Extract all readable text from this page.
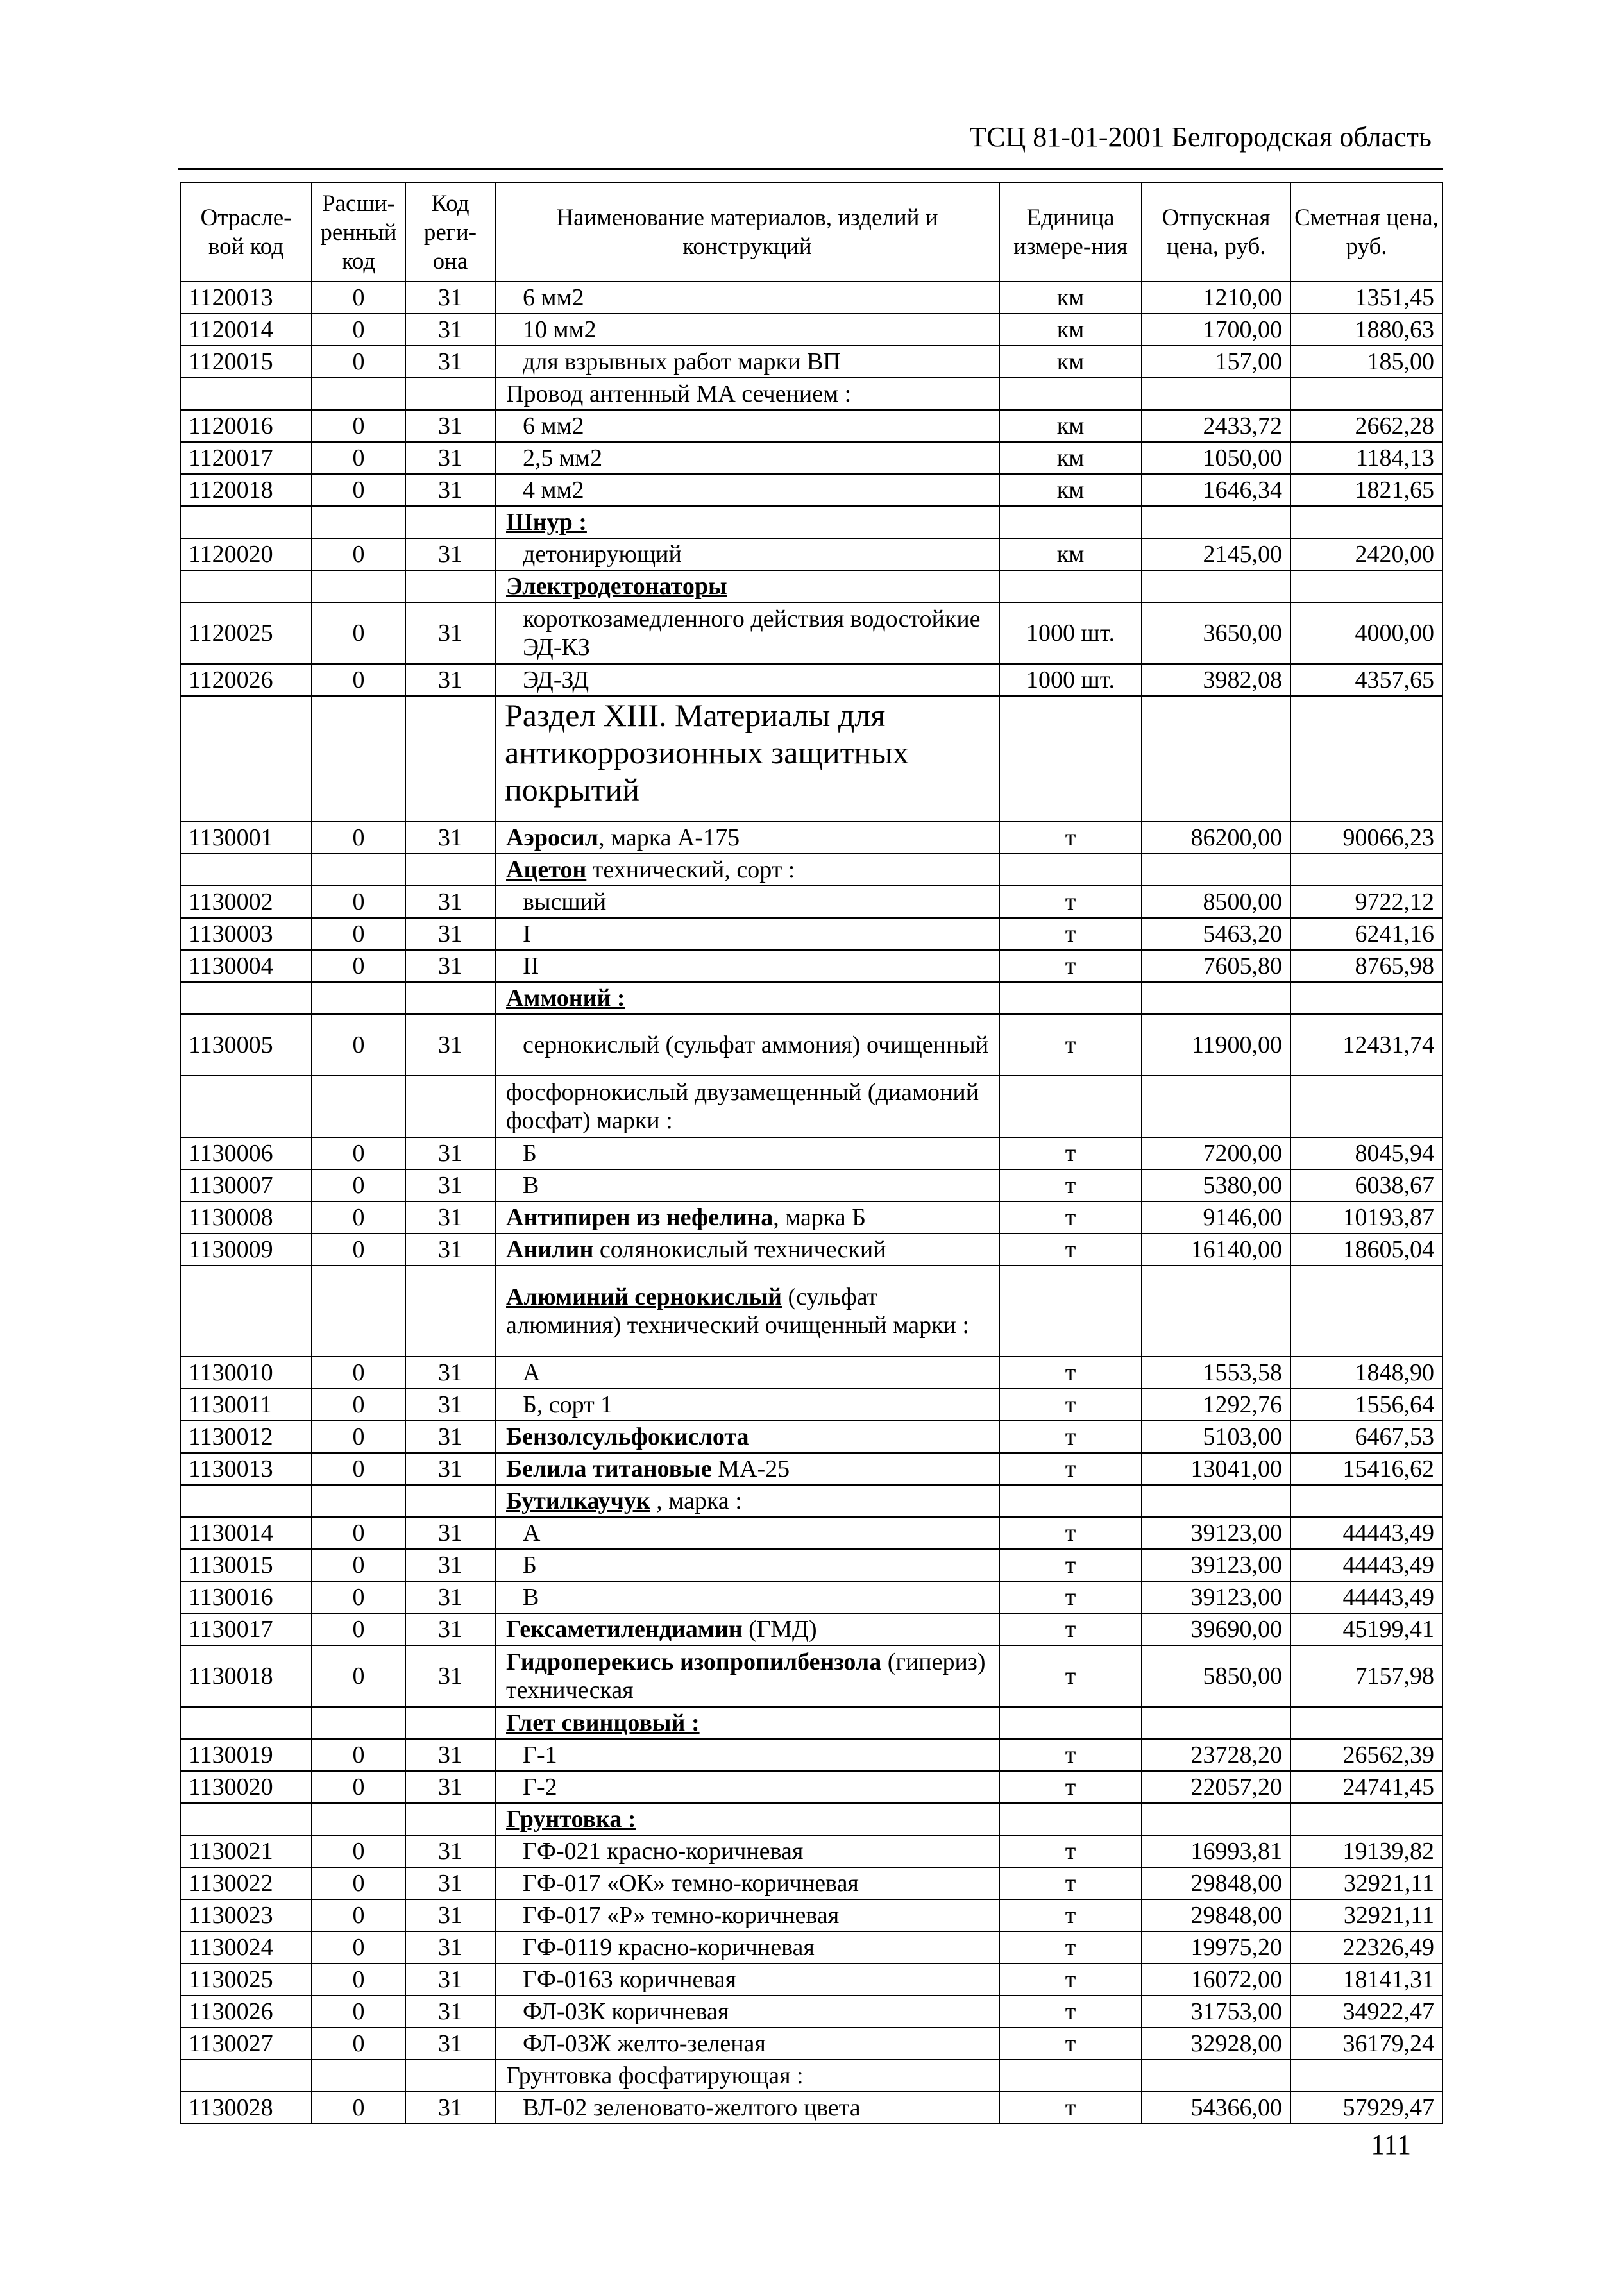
ТСЦ 81-01-2001 Белгородская область
Отрасле-вой код	Расши-ренный код	Код реги-она	Наименование материалов, изделий и конструкций	Единица измере-ния	Отпускная цена, руб.	Сметная цена, руб.
1120013	0	31	6 мм2	км	1210,00	1351,45
1120014	0	31	10 мм2	км	1700,00	1880,63
1120015	0	31	для взрывных работ марки ВП	км	157,00	185,00
			Провод антенный МА сечением :			
1120016	0	31	6 мм2	км	2433,72	2662,28
1120017	0	31	2,5 мм2	км	1050,00	1184,13
1120018	0	31	4 мм2	км	1646,34	1821,65
			Шнур :			
1120020	0	31	детонирующий	км	2145,00	2420,00
			Электродетонаторы			
1120025	0	31	короткозамедленного действия водостойкие ЭД-КЗ	1000 шт.	3650,00	4000,00
1120026	0	31	ЭД-ЗД	1000 шт.	3982,08	4357,65
			Раздел XIII. Материалы для антикоррозионных защитных покрытий			
1130001	0	31	Аэросил, марка А-175	т	86200,00	90066,23
			Ацетон технический, сорт :			
1130002	0	31	высший	т	8500,00	9722,12
1130003	0	31	I	т	5463,20	6241,16
1130004	0	31	II	т	7605,80	8765,98
			Аммоний :			
1130005	0	31	сернокислый (сульфат аммония) очищенный	т	11900,00	12431,74
			фосфорнокислый двузамещенный (диамоний фосфат) марки :			
1130006	0	31	Б	т	7200,00	8045,94
1130007	0	31	В	т	5380,00	6038,67
1130008	0	31	Антипирен из нефелина, марка Б	т	9146,00	10193,87
1130009	0	31	Анилин солянокислый технический	т	16140,00	18605,04
			Алюминий сернокислый (сульфат алюминия) технический очищенный марки :			
1130010	0	31	А	т	1553,58	1848,90
1130011	0	31	Б, сорт 1	т	1292,76	1556,64
1130012	0	31	Бензолсульфокислота	т	5103,00	6467,53
1130013	0	31	Белила титановые МА-25	т	13041,00	15416,62
			Бутилкаучук , марка :			
1130014	0	31	А	т	39123,00	44443,49
1130015	0	31	Б	т	39123,00	44443,49
1130016	0	31	В	т	39123,00	44443,49
1130017	0	31	Гексаметилендиамин (ГМД)	т	39690,00	45199,41
1130018	0	31	Гидроперекись изопропилбензола (гипериз) техническая	т	5850,00	7157,98
			Глет свинцовый :			
1130019	0	31	Г-1	т	23728,20	26562,39
1130020	0	31	Г-2	т	22057,20	24741,45
			Грунтовка :			
1130021	0	31	ГФ-021 красно-коричневая	т	16993,81	19139,82
1130022	0	31	ГФ-017 «ОК» темно-коричневая	т	29848,00	32921,11
1130023	0	31	ГФ-017 «Р» темно-коричневая	т	29848,00	32921,11
1130024	0	31	ГФ-0119 красно-коричневая	т	19975,20	22326,49
1130025	0	31	ГФ-0163 коричневая	т	16072,00	18141,31
1130026	0	31	ФЛ-03К коричневая	т	31753,00	34922,47
1130027	0	31	ФЛ-03Ж желто-зеленая	т	32928,00	36179,24
			Грунтовка фосфатирующая :			
1130028	0	31	ВЛ-02 зеленовато-желтого цвета	т	54366,00	57929,47
111
